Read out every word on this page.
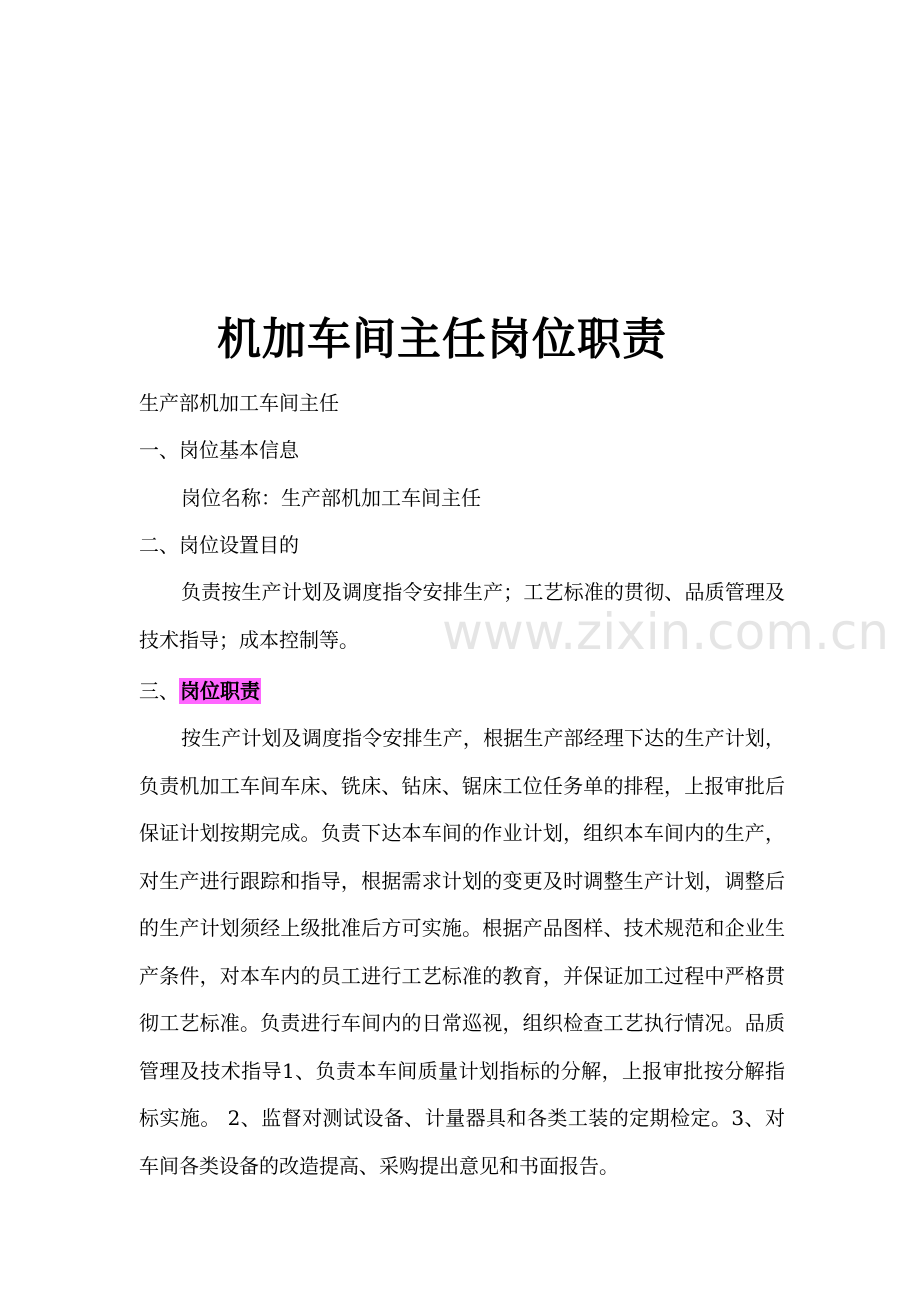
机加车间主任岗位职责
生产部机加工车间主任
一、岗位基本信息
岗位名称：生产部机加工车间主任
二、岗位设置目的
负责按生产计划及调度指令安排生产；工艺标准的贯彻、品质管理及技术指导；成本控制等。
三、岗位职责
按生产计划及调度指令安排生产，根据生产部经理下达的生产计划，负责机加工车间车床、铣床、钻床、锯床工位任务单的排程，上报审批后保证计划按期完成。负责下达本车间的作业计划，组织本车间内的生产，对生产进行跟踪和指导，根据需求计划的变更及时调整生产计划，调整后的生产计划须经上级批准后方可实施。根据产品图样、技术规范和企业生产条件，对本车内的员工进行工艺标准的教育，并保证加工过程中严格贯彻工艺标准。负责进行车间内的日常巡视，组织检查工艺执行情况。品质管理及技术指导1、负责本车间质量计划指标的分解，上报审批按分解指标实施。 2、监督对测试设备、计量器具和各类工装的定期检定。3、对车间各类设备的改造提高、采购提出意见和书面报告。
www.zixin.com.cn
